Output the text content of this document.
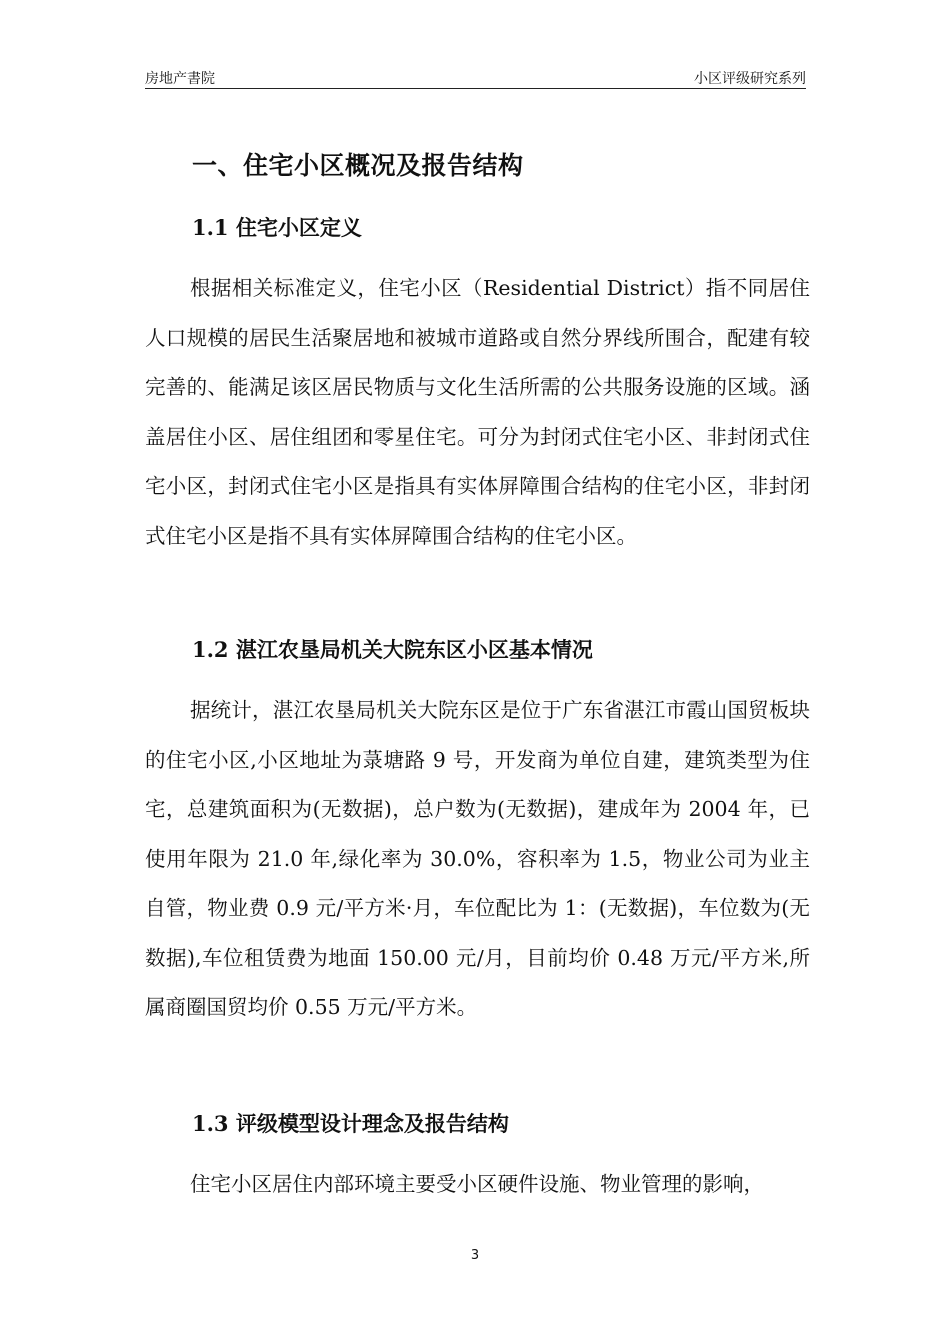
房地产書院	小区评级研究系列
一、住宅小区概况及报告结构
1.1 住宅小区定义

根据相关标准定义，住宅小区（Residential District）指不同居住人口规模的居民生活聚居地和被城市道路或自然分界线所围合，配建有较完善的、能满足该区居民物质与文化生活所需的公共服务设施的区域。涵盖居住小区、居住组团和零星住宅。可分为封闭式住宅小区、非封闭式住宅小区，封闭式住宅小区是指具有实体屏障围合结构的住宅小区，非封闭式住宅小区是指不具有实体屏障围合结构的住宅小区。

1.2 湛江农垦局机关大院东区小区基本情况

据统计，湛江农垦局机关大院东区是位于广东省湛江市霞山国贸板块的住宅小区,小区地址为菉塘路 9 号，开发商为单位自建，建筑类型为住宅，总建筑面积为(无数据)，总户数为(无数据)，建成年为 2004 年，已使用年限为 21.0 年,绿化率为 30.0%，容积率为 1.5，物业公司为业主自管，物业费 0.9 元/平方米·月，车位配比为 1：(无数据)，车位数为(无数据),车位租赁费为地面 150.00 元/月，目前均价 0.48 万元/平方米,所属商圈国贸均价 0.55 万元/平方米。

1.3 评级模型设计理念及报告结构

住宅小区居住内部环境主要受小区硬件设施、物业管理的影响，

3
